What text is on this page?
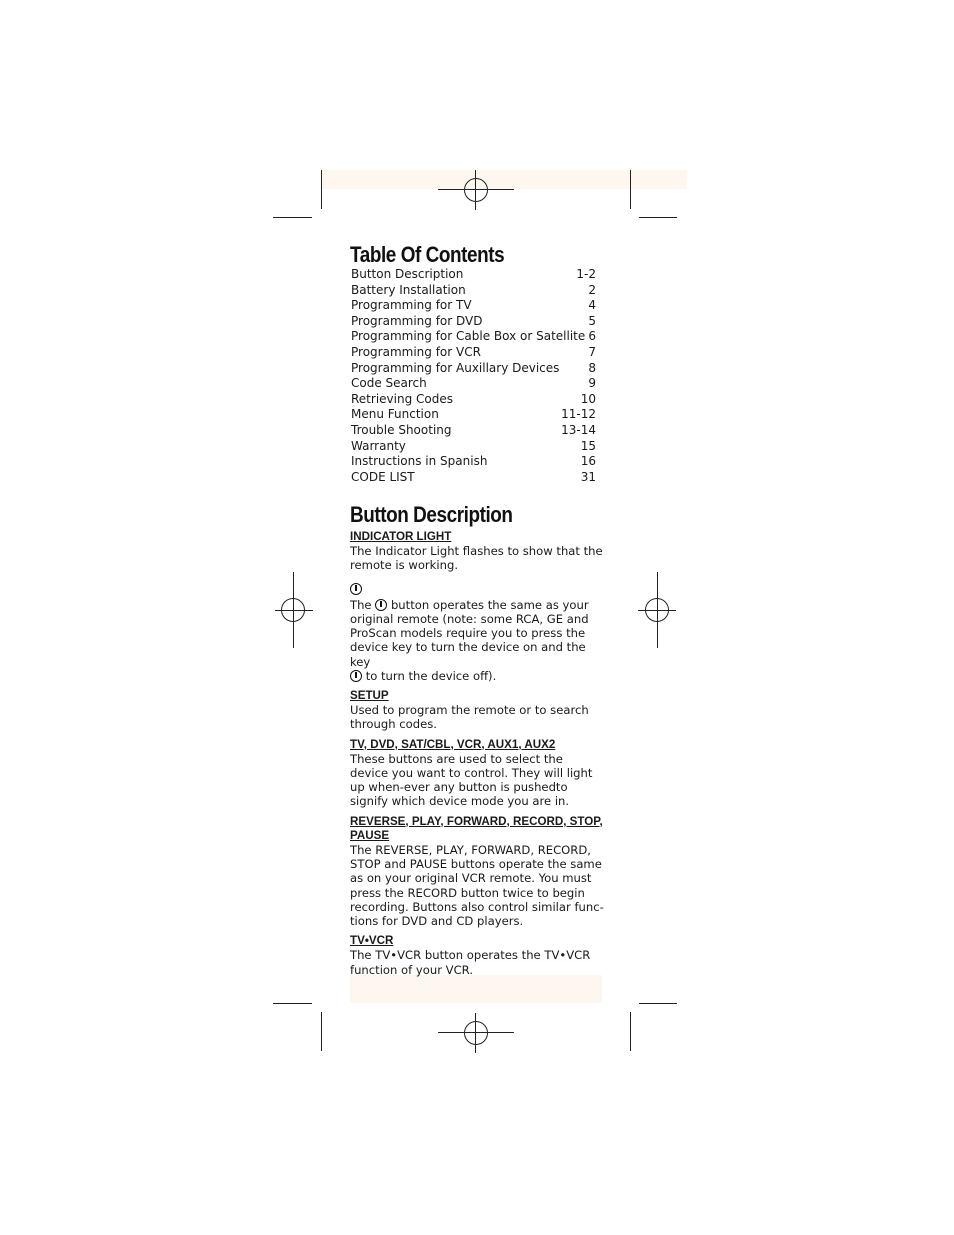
Table Of Contents
Button Description	1-2
Battery Installation	2
Programming for TV	4
Programming for DVD	5
Programming for Cable Box or Satellite 6
Programming for VCR	7
Programming for Auxillary Devices 8
Code Search	9
Retrieving Codes	10
Menu Function	11-12
Trouble Shooting	13-14
Warranty	15
Instructions in Spanish	16
CODE LIST	31
Button Description

INDICATOR LIGHT

The Indicator Light flashes to show that the remote is working.

The button operates the same as your original remote (note: some RCA, GE and ProScan models require you to press the device key to turn the device on and the key
to turn the device off).

SETUP

Used to program the remote or to search through codes.

TV, DVD, SAT/CBL, VCR, AUX1, AUX2

These buttons are used to select the device you want to control. They will light up when-ever any button is pushedto signify which device mode you are in.

REVERSE, PLAY, FORWARD, RECORD, STOP, PAUSE

The REVERSE, PLAY, FORWARD, RECORD, STOP and PAUSE buttons operate the same as on your original VCR remote. You must press the RECORD button twice to begin recording. Buttons also control similar func-tions for DVD and CD players.

TV•VCR

The TV•VCR button operates the TV•VCR function of your VCR.
